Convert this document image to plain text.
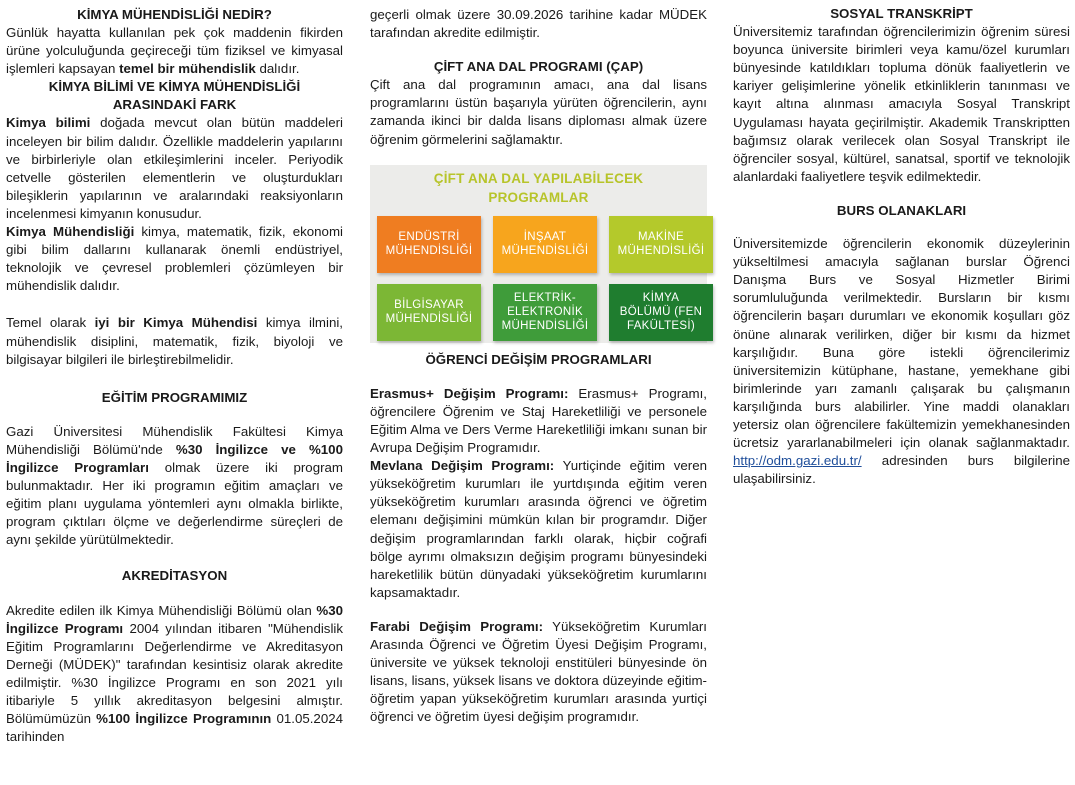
KİMYA MÜHENDİSLİĞİ NEDİR?

Günlük hayatta kullanılan pek çok maddenin fikirden ürüne yolculuğunda geçireceği tüm fiziksel ve kimyasal işlemleri kapsayan temel bir mühendislik dalıdır.

KİMYA BİLİMİ VE KİMYA MÜHENDİSLİĞİ ARASINDAKİ FARK

Kimya bilimi doğada mevcut olan bütün maddeleri inceleyen bir bilim dalıdır. Özellikle maddelerin yapılarını ve birbirleriyle olan etkileşimlerini inceler. Periyodik cetvelle gösterilen elementlerin ve oluşturdukları bileşiklerin yapılarının ve aralarındaki reaksiyonların incelenmesi kimyanın konusudur.

Kimya Mühendisliği kimya, matematik, fizik, ekonomi gibi bilim dallarını kullanarak önemli endüstriyel, teknolojik ve çevresel problemleri çözümleyen bir mühendislik dalıdır.

Temel olarak iyi bir Kimya Mühendisi kimya ilmini, mühendislik disiplini, matematik, fizik, biyoloji ve bilgisayar bilgileri ile birleştirebilmelidir.

EĞİTİM PROGRAMIMIZ

Gazi Üniversitesi Mühendislik Fakültesi Kimya Mühendisliği Bölümü'nde %30 İngilizce ve %100 İngilizce Programları olmak üzere iki program bulunmaktadır. Her iki programın eğitim amaçları ve eğitim planı uygulama yöntemleri aynı olmakla birlikte, program çıktıları ölçme ve değerlendirme süreçleri de aynı şekilde yürütülmektedir.

AKREDİTASYON

Akredite edilen ilk Kimya Mühendisliği Bölümü olan %30 İngilizce Programı 2004 yılından itibaren "Mühendislik Eğitim Programlarını Değerlendirme ve Akreditasyon Derneği (MÜDEK)" tarafından kesintisiz olarak akredite edilmiştir. %30 İngilizce Programı en son 2021 yılı itibariyle 5 yıllık akreditasyon belgesini almıştır. Bölümümüzün %100 İngilizce Programının 01.05.2024 tarihinden

geçerli olmak üzere 30.09.2026 tarihine kadar MÜDEK tarafından akredite edilmiştir.

ÇİFT ANA DAL PROGRAMI (ÇAP)

Çift ana dal programının amacı, ana dal lisans programlarını üstün başarıyla yürüten öğrencilerin, aynı zamanda ikinci bir dalda lisans diploması almak üzere öğrenim görmelerini sağlamaktır.

ÇİFT ANA DAL YAPILABİLECEK
PROGRAMLAR
ENDÜSTRİ
MÜHENDİSLİĞİ
İNŞAAT
MÜHENDİSLİĞİ
MAKİNE
MÜHENDİSLİĞİ
BİLGİSAYAR
MÜHENDİSLİĞİ
ELEKTRİK-
ELEKTRONİK
MÜHENDİSLİĞİ
KİMYA
BÖLÜMÜ (FEN
FAKÜLTESİ)

ÖĞRENCİ DEĞİŞİM PROGRAMLARI

Erasmus+ Değişim Programı: Erasmus+ Programı, öğrencilere Öğrenim ve Staj Hareketliliği ve personele Eğitim Alma ve Ders Verme Hareketliliği imkanı sunan bir Avrupa Değişim Programıdır.

Mevlana Değişim Programı: Yurtiçinde eğitim veren yükseköğretim kurumları ile yurtdışında eğitim veren yükseköğretim kurumları arasında öğrenci ve öğretim elemanı değişimini mümkün kılan bir programdır. Diğer değişim programlarından farklı olarak, hiçbir coğrafi bölge ayrımı olmaksızın değişim programı bünyesindeki hareketlilik bütün dünyadaki yükseköğretim kurumlarını kapsamaktadır.

Farabi Değişim Programı: Yükseköğretim Kurumları Arasında Öğrenci ve Öğretim Üyesi Değişim Programı, üniversite ve yüksek teknoloji enstitüleri bünyesinde ön lisans, lisans, yüksek lisans ve doktora düzeyinde eğitim-öğretim yapan yükseköğretim kurumları arasında yurtiçi öğrenci ve öğretim üyesi değişim programıdır.

SOSYAL TRANSKRİPT

Üniversitemiz tarafından öğrencilerimizin öğrenim süresi boyunca üniversite birimleri veya kamu/özel kurumları bünyesinde katıldıkları topluma dönük faaliyetlerin ve kariyer gelişimlerine yönelik etkinliklerin tanınması ve kayıt altına alınması amacıyla Sosyal Transkript Uygulaması hayata geçirilmiştir. Akademik Transkriptten bağımsız olarak verilecek olan Sosyal Transkript ile öğrenciler sosyal, kültürel, sanatsal, sportif ve teknolojik alanlardaki faaliyetlere teşvik edilmektedir.

BURS OLANAKLARI

Üniversitemizde öğrencilerin ekonomik düzeylerinin yükseltilmesi amacıyla sağlanan burslar Öğrenci Danışma Burs ve Sosyal Hizmetler Birimi sorumluluğunda verilmektedir. Bursların bir kısmı öğrencilerin başarı durumları ve ekonomik koşulları göz önüne alınarak verilirken, diğer bir kısmı da hizmet karşılığıdır. Buna göre istekli öğrencilerimiz üniversitemizin kütüphane, hastane, yemekhane gibi birimlerinde yarı zamanlı çalışarak bu çalışmanın karşılığında burs alabilirler. Yine maddi olanakları yetersiz olan öğrencilere fakültemizin yemekhanesinden ücretsiz yararlanabilmeleri için olanak sağlanmaktadır. http://odm.gazi.edu.tr/ adresinden burs bilgilerine ulaşabilirsiniz.
